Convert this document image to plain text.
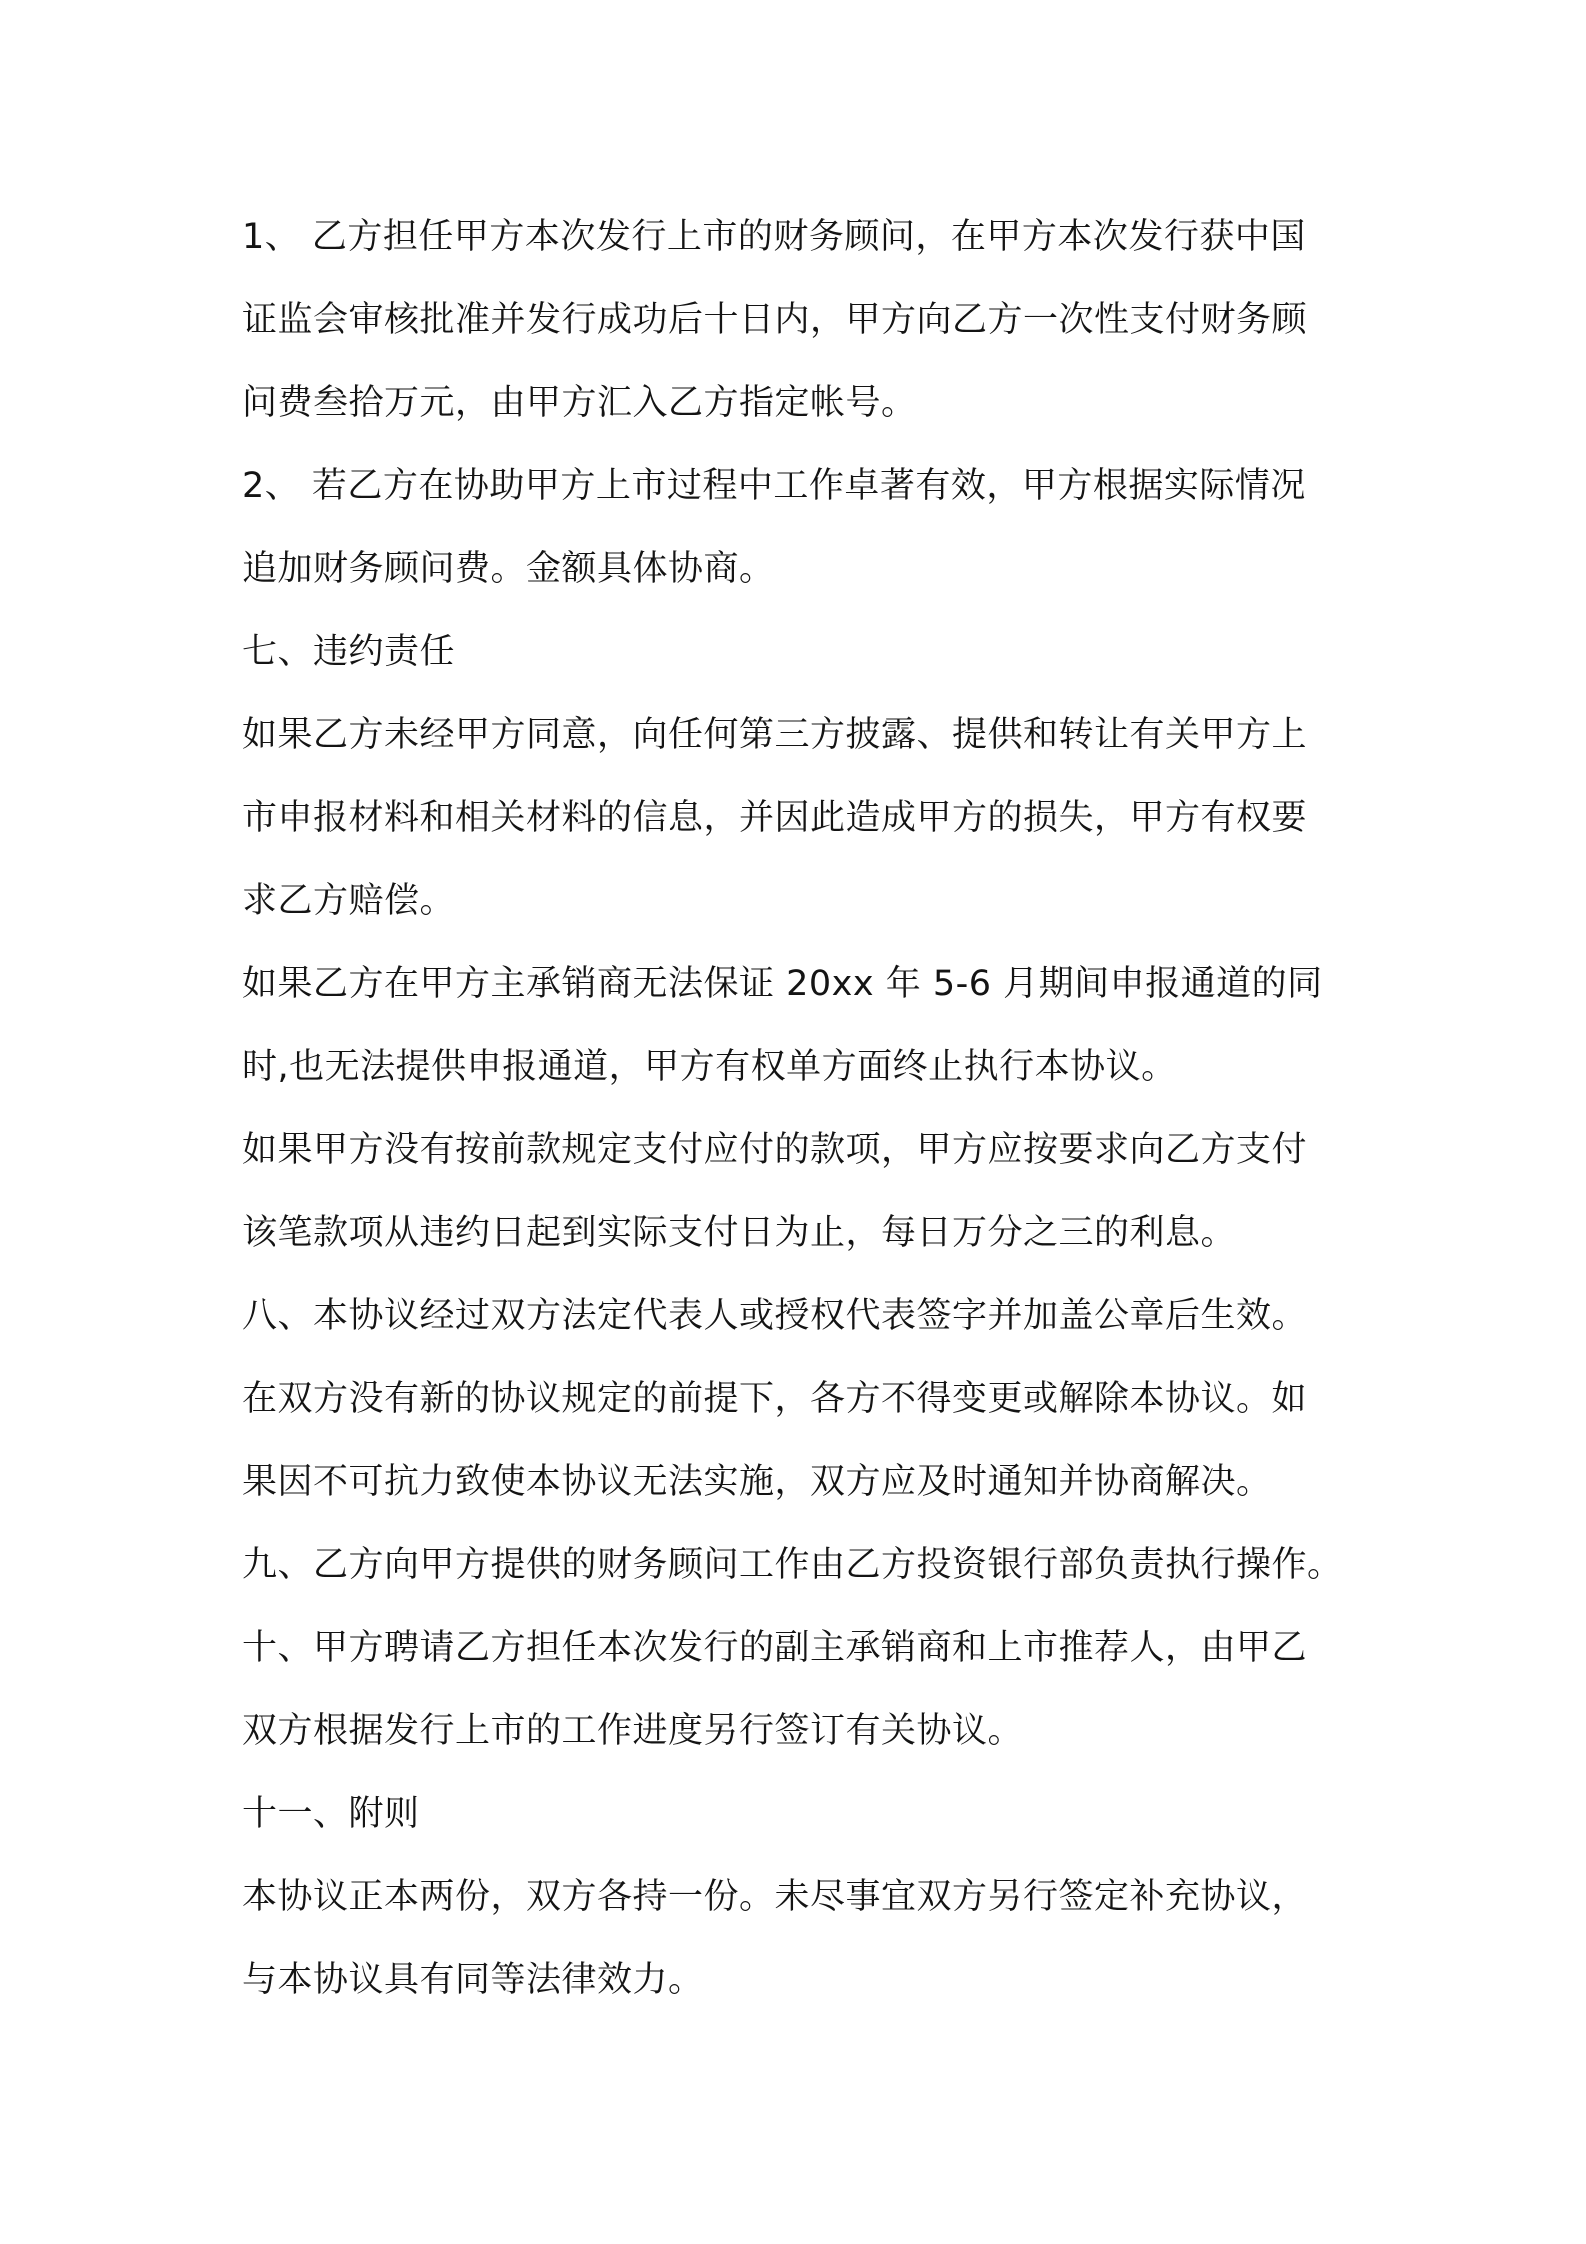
1、 乙方担任甲方本次发行上市的财务顾问，在甲方本次发行获中国
证监会审核批准并发行成功后十日内，甲方向乙方一次性支付财务顾
问费叁拾万元，由甲方汇入乙方指定帐号。
2、 若乙方在协助甲方上市过程中工作卓著有效，甲方根据实际情况
追加财务顾问费。金额具体协商。
七、违约责任
如果乙方未经甲方同意，向任何第三方披露、提供和转让有关甲方上
市申报材料和相关材料的信息，并因此造成甲方的损失，甲方有权要
求乙方赔偿。
如果乙方在甲方主承销商无法保证 20xx 年 5-6 月期间申报通道的同
时,也无法提供申报通道，甲方有权单方面终止执行本协议。
如果甲方没有按前款规定支付应付的款项，甲方应按要求向乙方支付
该笔款项从违约日起到实际支付日为止，每日万分之三的利息。
八、本协议经过双方法定代表人或授权代表签字并加盖公章后生效。
在双方没有新的协议规定的前提下，各方不得变更或解除本协议。如
果因不可抗力致使本协议无法实施，双方应及时通知并协商解决。
九、乙方向甲方提供的财务顾问工作由乙方投资银行部负责执行操作。
十、甲方聘请乙方担任本次发行的副主承销商和上市推荐人，由甲乙
双方根据发行上市的工作进度另行签订有关协议。
十一、附则
本协议正本两份，双方各持一份。未尽事宜双方另行签定补充协议，
与本协议具有同等法律效力。
